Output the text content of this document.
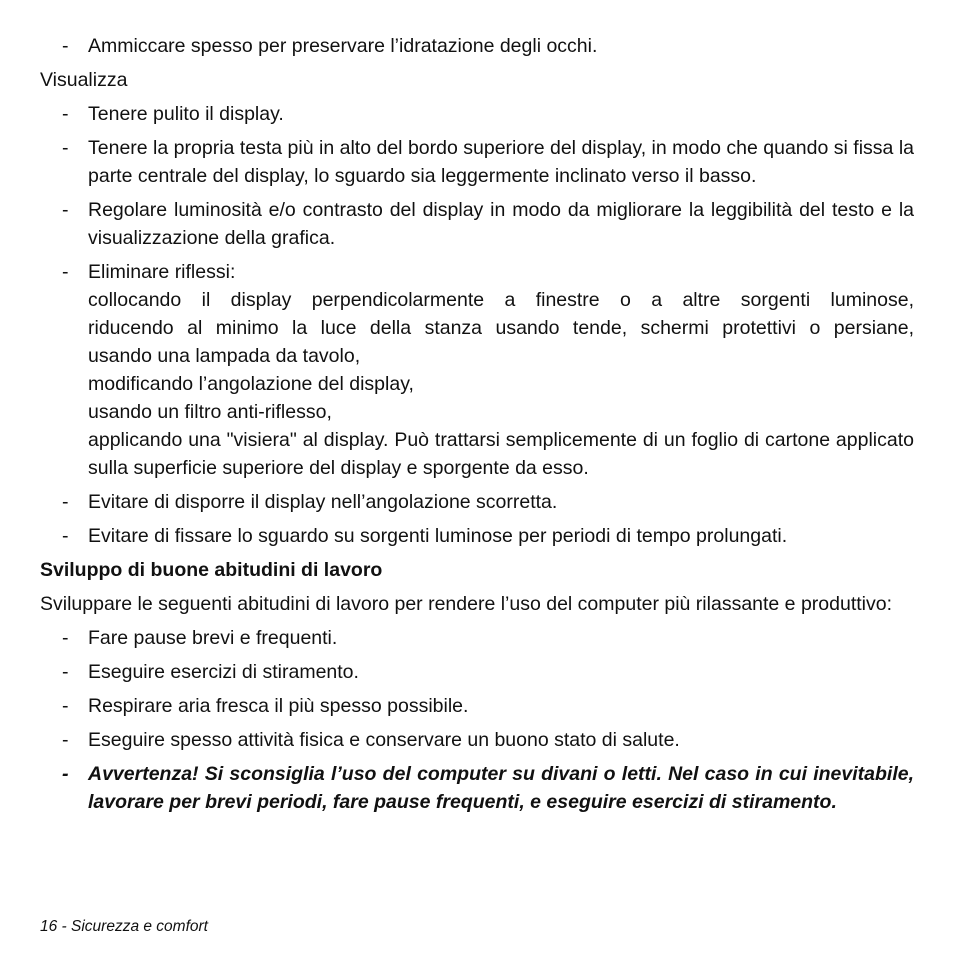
- Ammiccare spesso per preservare l’idratazione degli occhi.
Visualizza
- Tenere pulito il display.
- Tenere la propria testa più in alto del bordo superiore del display, in modo che quando si fissa la parte centrale del display, lo sguardo sia leggermente inclinato verso il basso.
- Regolare luminosità e/o contrasto del display in modo da migliorare la leggibilità del testo e la visualizzazione della grafica.
- Eliminare riflessi:
collocando il display perpendicolarmente a finestre o a altre sorgenti luminose,
riducendo al minimo la luce della stanza usando tende, schermi protettivi o persiane,
usando una lampada da tavolo,
modificando l’angolazione del display,
usando un filtro anti-riflesso,
applicando una "visiera" al display. Può trattarsi semplicemente di un foglio di cartone applicato sulla superficie superiore del display e sporgente da esso.
- Evitare di disporre il display nell’angolazione scorretta.
- Evitare di fissare lo sguardo su sorgenti luminose per periodi di tempo prolungati.
Sviluppo di buone abitudini di lavoro
Sviluppare le seguenti abitudini di lavoro per rendere l’uso del computer più rilassante e produttivo:
- Fare pause brevi e frequenti.
- Eseguire esercizi di stiramento.
- Respirare aria fresca il più spesso possibile.
- Eseguire spesso attività fisica e conservare un buono stato di salute.
- Avvertenza! Si sconsiglia l’uso del computer su divani o letti. Nel caso in cui inevitabile, lavorare per brevi periodi, fare pause frequenti, e eseguire esercizi di stiramento.
16 - Sicurezza e comfort
